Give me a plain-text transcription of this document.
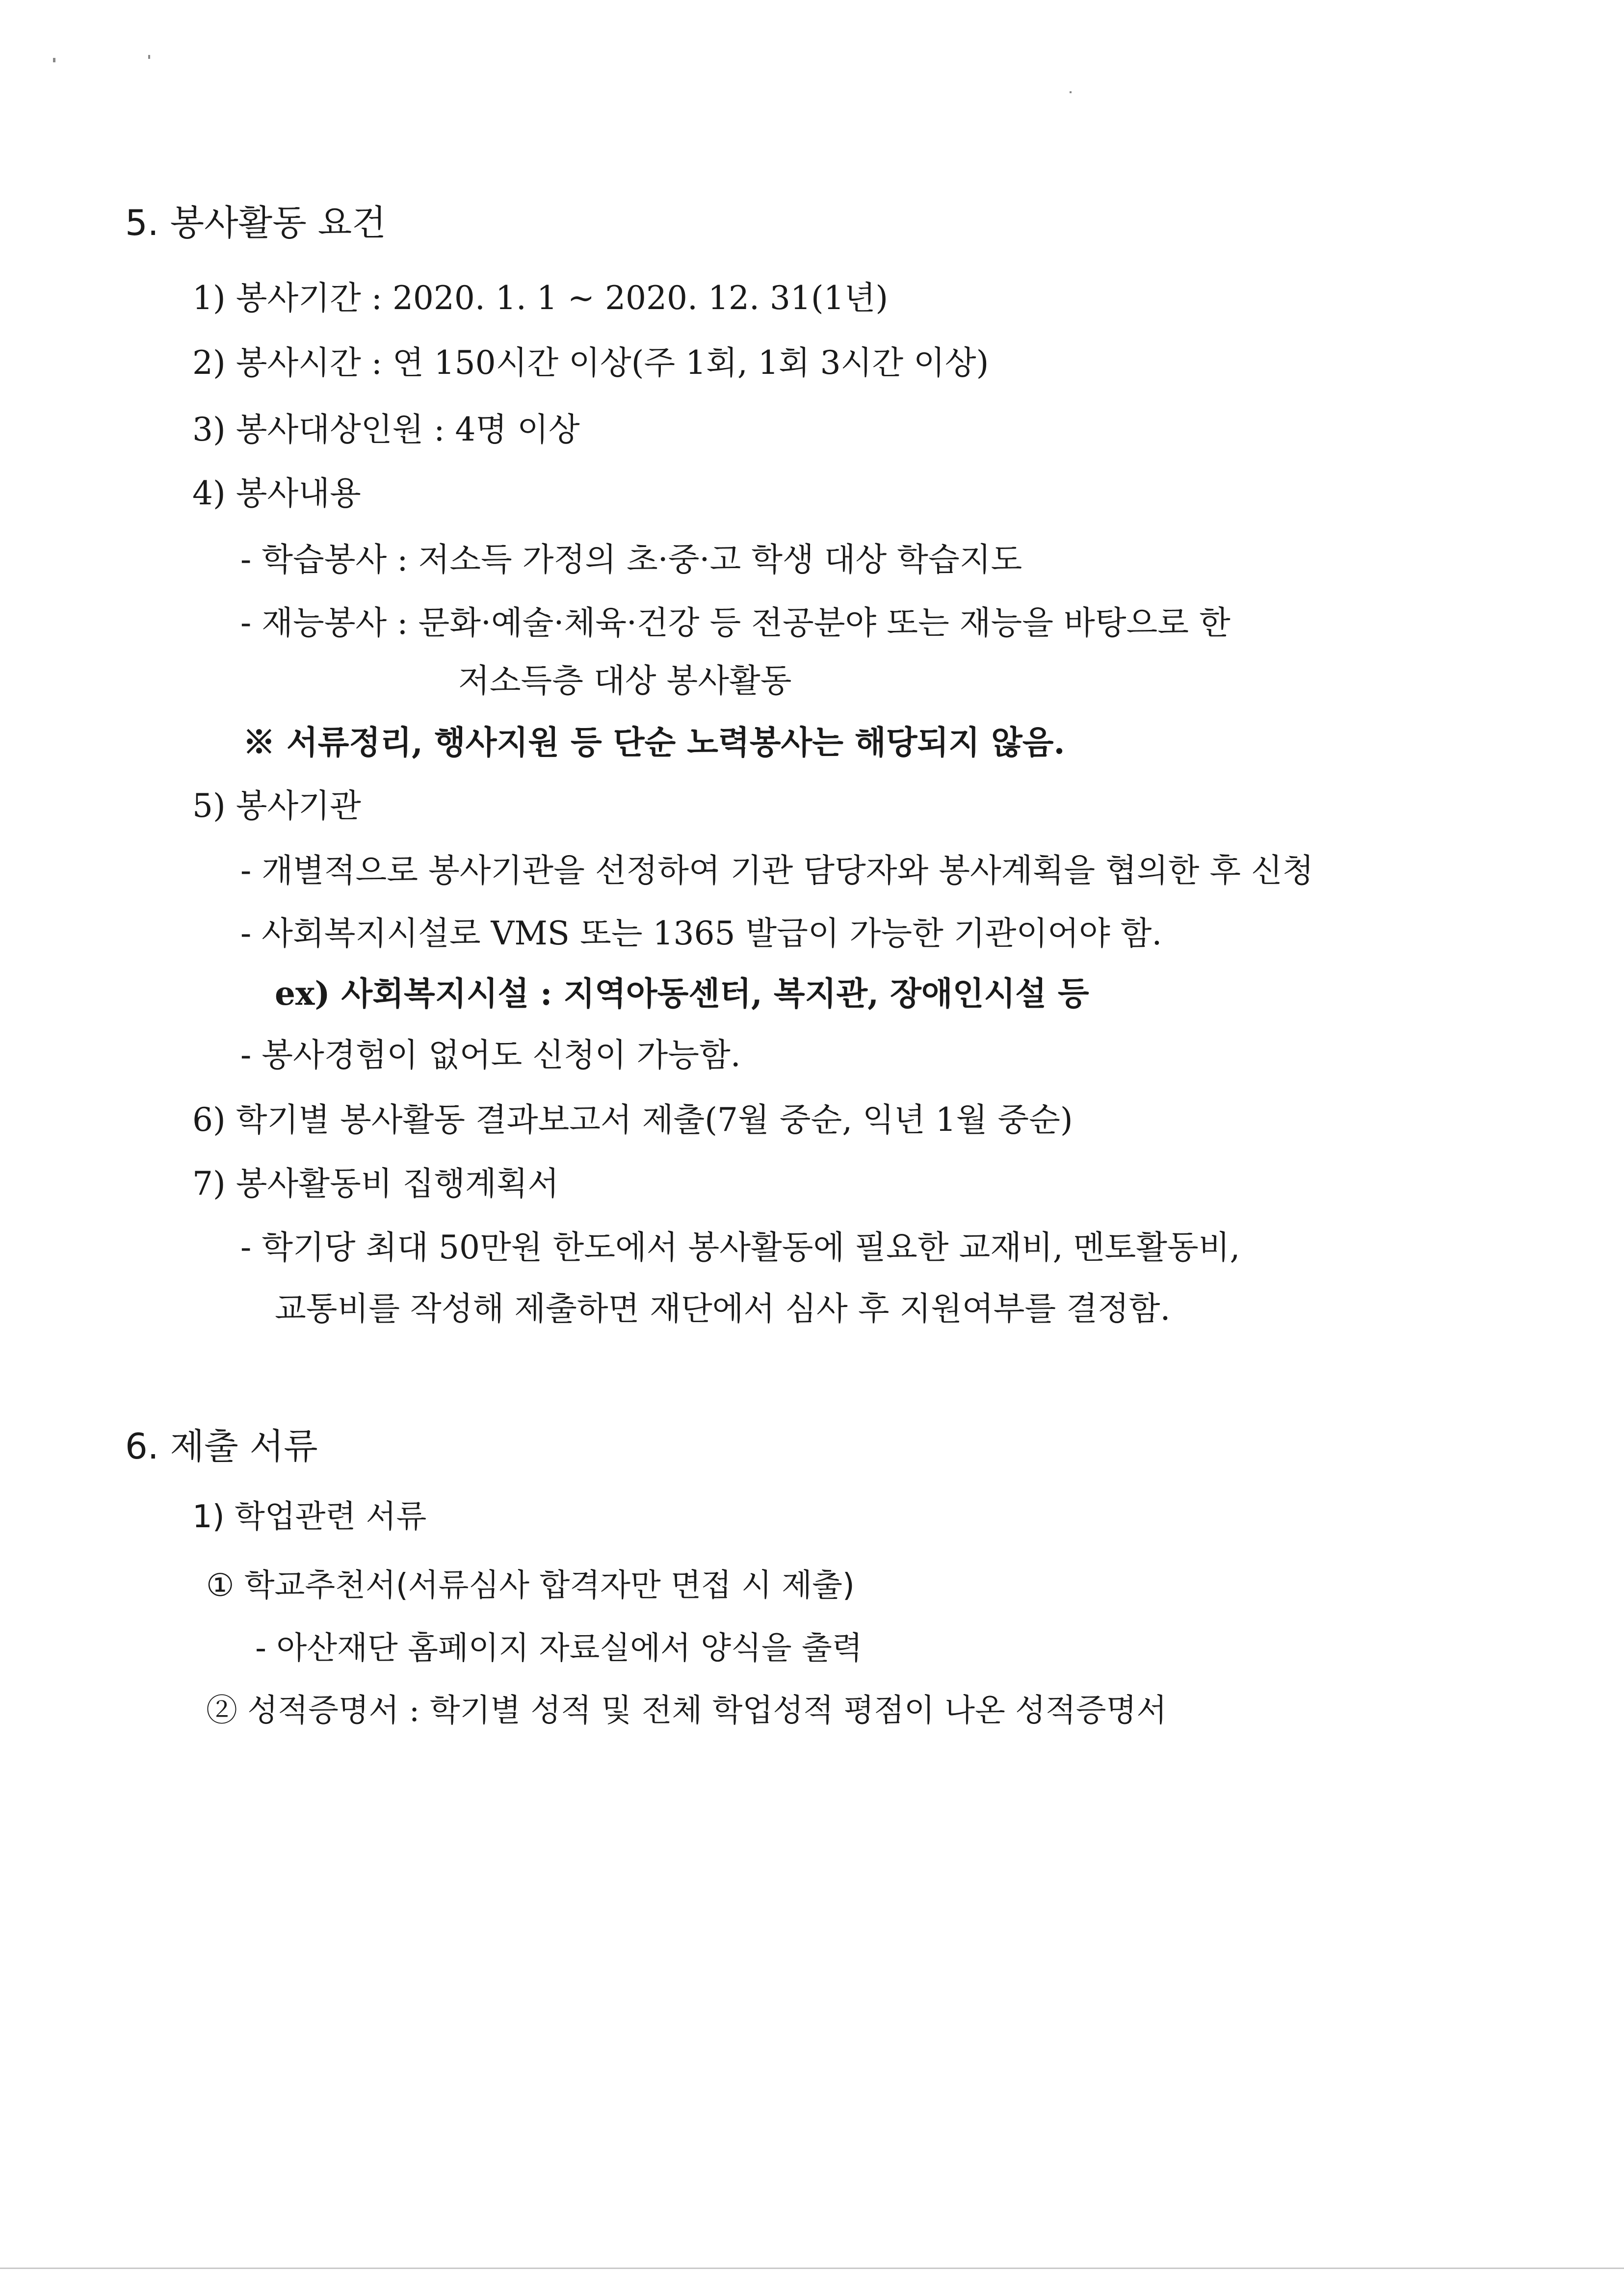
5. 봉사활동 요건
1) 봉사기간 : 2020. 1. 1 ~ 2020. 12. 31(1년)
2) 봉사시간 : 연 150시간 이상(주 1회, 1회 3시간 이상)
3) 봉사대상인원 : 4명 이상
4) 봉사내용
- 학습봉사 : 저소득 가정의 초·중·고 학생 대상 학습지도
- 재능봉사 : 문화·예술·체육·건강 등 전공분야 또는 재능을 바탕으로 한
저소득층 대상 봉사활동
※ 서류정리, 행사지원 등 단순 노력봉사는 해당되지 않음.
5) 봉사기관
- 개별적으로 봉사기관을 선정하여 기관 담당자와 봉사계획을 협의한 후 신청
- 사회복지시설로 VMS 또는 1365 발급이 가능한 기관이어야 함.
ex) 사회복지시설 : 지역아동센터, 복지관, 장애인시설 등
- 봉사경험이 없어도 신청이 가능함.
6) 학기별 봉사활동 결과보고서 제출(7월 중순, 익년 1월 중순)
7) 봉사활동비 집행계획서
- 학기당 최대 50만원 한도에서 봉사활동에 필요한 교재비, 멘토활동비,
교통비를 작성해 제출하면 재단에서 심사 후 지원여부를 결정함.
6. 제출 서류
1) 학업관련 서류
① 학교추천서(서류심사 합격자만 면접 시 제출)
- 아산재단 홈페이지 자료실에서 양식을 출력
② 성적증명서 : 학기별 성적 및 전체 학업성적 평점이 나온 성적증명서
